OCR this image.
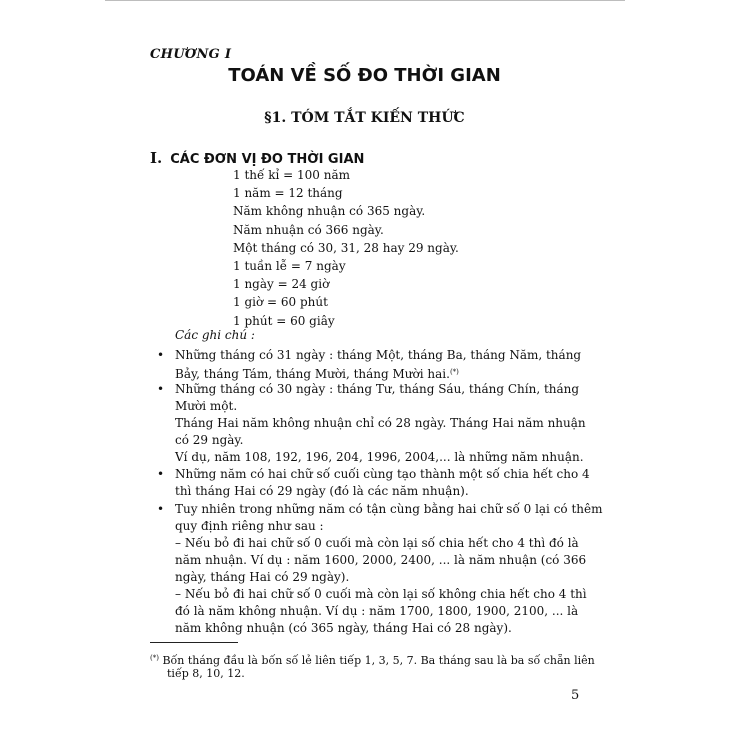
CHƯƠNG I
TOÁN VỀ SỐ ĐO THỜI GIAN
§1. TÓM TẮT KIẾN THỨC
I. CÁC ĐƠN VỊ ĐO THỜI GIAN
1 thế kỉ = 100 năm
1 năm = 12 tháng
Năm không nhuận có 365 ngày.
Năm nhuận có 366 ngày.
Một tháng có 30, 31, 28 hay 29 ngày.
1 tuần lễ = 7 ngày
1 ngày = 24 giờ
1 giờ = 60 phút
1 phút = 60 giây
Các ghi chú :
•
•
•
•
Những tháng có 31 ngày : tháng Một, tháng Ba, tháng Năm, tháng
Bảy, tháng Tám, tháng Mười, tháng Mười hai.(*)
Những tháng có 30 ngày : tháng Tư, tháng Sáu, tháng Chín, tháng
Mười một.
Tháng Hai năm không nhuận chỉ có 28 ngày. Tháng Hai năm nhuận
có 29 ngày.
Ví dụ, năm 108, 192, 196, 204, 1996, 2004,... là những năm nhuận.
Những năm có hai chữ số cuối cùng tạo thành một số chia hết cho 4
thì tháng Hai có 29 ngày (đó là các năm nhuận).
Tuy nhiên trong những năm có tận cùng bằng hai chữ số 0 lại có thêm
quy định riêng như sau :
– Nếu bỏ đi hai chữ số 0 cuối mà còn lại số chia hết cho 4 thì đó là
năm nhuận. Ví dụ : năm 1600, 2000, 2400, ... là năm nhuận (có 366
ngày, tháng Hai có 29 ngày).
– Nếu bỏ đi hai chữ số 0 cuối mà còn lại số không chia hết cho 4 thì
đó là năm không nhuận. Ví dụ : năm 1700, 1800, 1900, 2100, ... là
năm không nhuận (có 365 ngày, tháng Hai có 28 ngày).
(*) Bốn tháng đầu là bốn số lẻ liên tiếp 1, 3, 5, 7. Ba tháng sau là ba số chẵn liên
tiếp 8, 10, 12.
5
